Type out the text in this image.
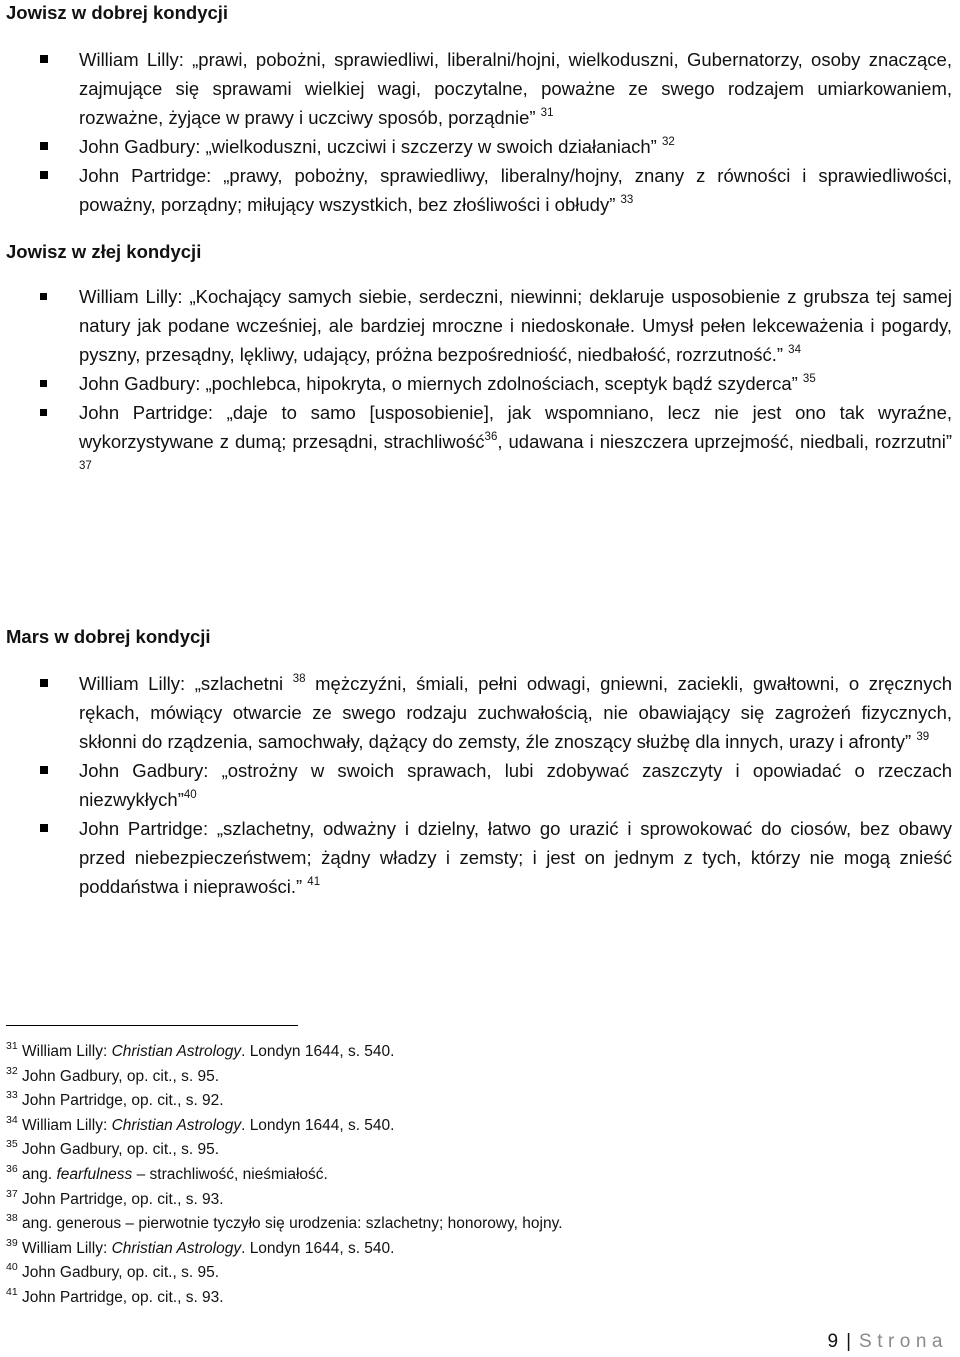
Jowisz w dobrej kondycji
William Lilly: „prawi, pobożni, sprawiedliwi, liberalni/hojni, wielkoduszni, Gubernatorzy, osoby znaczące, zajmujące się sprawami wielkiej wagi, poczytalne, poważne ze swego rodzajem umiarkowaniem, rozważne, żyjące w prawy i uczciwy sposób, porządnie” $^{31}$
John Gadbury: „wielkoduszni, uczciwi i szczerzy w swoich działaniach” $^{32}$
John Partridge: „prawy, pobożny, sprawiedliwy, liberalny/hojny, znany z równości i sprawiedliwości, poważny, porządny; miłujący wszystkich, bez złośliwości i obłudy” $^{33}$
Jowisz w złej kondycji
William Lilly: „Kochający samych siebie, serdeczni, niewinni; deklaruje usposobienie z grubsza tej samej natury jak podane wcześniej, ale bardziej mroczne i niedoskonałe. Umysł pełen lekceważenia i pogardy, pyszny, przesądny, lękliwy, udający, próżna bezpośredniość, niedbałość, rozrzutność.” $^{34}$
John Gadbury: „pochlebca, hipokryta, o miernych zdolnościach, sceptyk bądź szyderca” $^{35}$
John Partridge: „daje to samo [usposobienie], jak wspomniano, lecz nie jest ono tak wyraźne, wykorzystywane z dumą; przesądni, strachliwość$^{36}$, udawana i nieszczera uprzejmość, niedbali, rozrzutni” $^{37}$
Mars w dobrej kondycji
William Lilly: „szlachetni $^{38}$ mężczyźni, śmiali, pełni odwagi, gniewni, zaciekli, gwałtowni, o zręcznych rękach, mówiący otwarcie ze swego rodzaju zuchwałością, nie obawiający się zagrożeń fizycznych, skłonni do rządzenia, samochwały, dążący do zemsty, źle znoszący służbę dla innych, urazy i afronty” $^{39}$
John Gadbury: „ostrożny w swoich sprawach, lubi zdobywać zaszczyty i opowiadać o rzeczach niezwykłych”$^{40}$
John Partridge: „szlachetny, odważny i dzielny, łatwo go urazić i sprowokować do ciosów, bez obawy przed niebezpieczeństwem; żądny władzy i zemsty; i jest on jednym z tych, którzy nie mogą znieść poddaństwa i nieprawości.” $^{41}$
$^{31}$ William Lilly: Christian Astrology. Londyn 1644, s. 540.
$^{32}$ John Gadbury, op. cit., s. 95.
$^{33}$ John Partridge, op. cit., s. 92.
$^{34}$ William Lilly: Christian Astrology. Londyn 1644, s. 540.
$^{35}$ John Gadbury, op. cit., s. 95.
$^{36}$ ang. fearfulness – strachliwość, nieśmiałość.
$^{37}$ John Partridge, op. cit., s. 93.
$^{38}$ ang. generous – pierwotnie tyczyło się urodzenia: szlachetny; honorowy, hojny.
$^{39}$ William Lilly: Christian Astrology. Londyn 1644, s. 540.
$^{40}$ John Gadbury, op. cit., s. 95.
$^{41}$ John Partridge, op. cit., s. 93.
9 | Strona
